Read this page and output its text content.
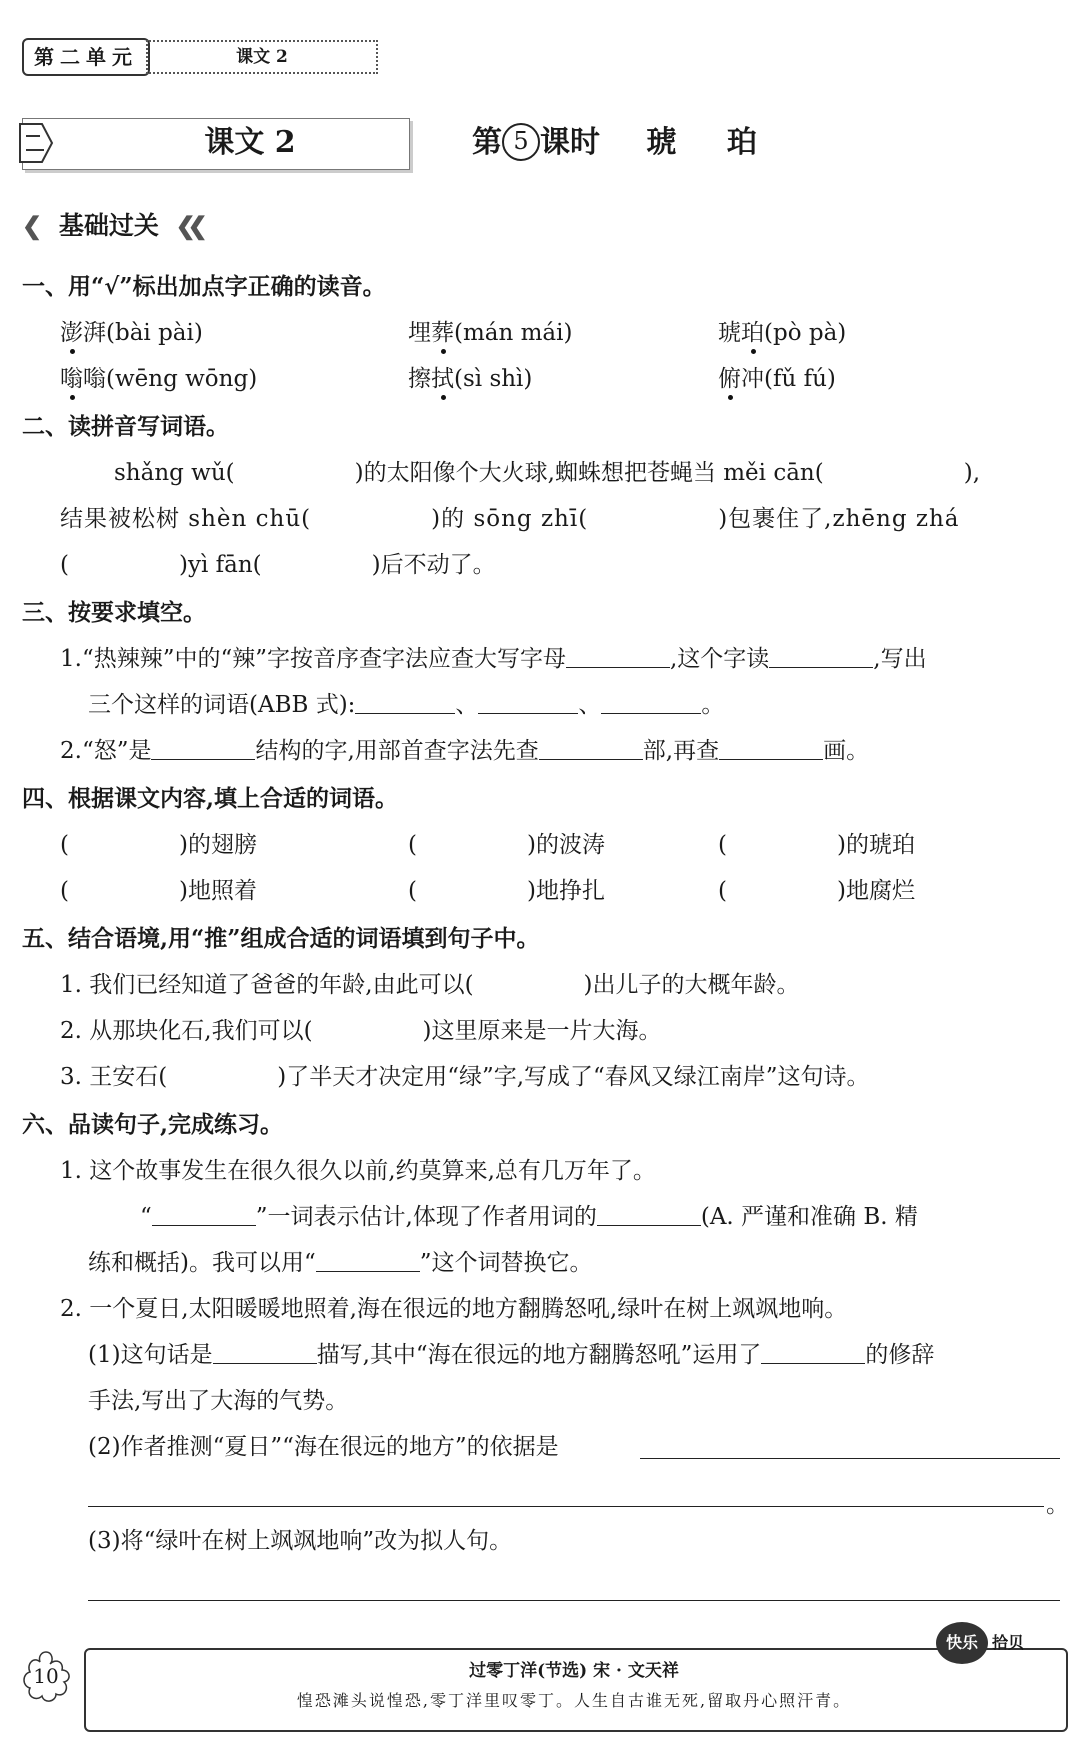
第二单元	课文 2
课文 2	第 5 课时 琥 珀
❮ 基础过关 ❮❮
一、用“√”标出加点字正确的读音。
澎湃(bài pài)	埋葬(mán mái)	琥珀(pò pà)
嗡嗡(wēng wōng)	擦拭(sì shì)	俯冲(fǔ fú)
二、读拼音写词语。
shǎng wǔ(	)的太阳像个大火球,蜘蛛想把苍蝇当 měi cān(	),
结果被松树 shèn chū(	)的 sōng zhī(	)包裹住了,zhēng zhá
(	)yì fān(	)后不动了。
三、按要求填空。
1.“热辣辣”中的“辣”字按音序查字法应查大写字母	,这个字读	,写出
三个这样的词语(ABB 式):	、	、	。
2.“怒”是	结构的字,用部首查字法先查	部,再查	画。
四、根据课文内容,填上合适的词语。
(	)的翅膀	(	)的波涛	(	)的琥珀
(	)地照着	(	)地挣扎	(	)地腐烂
五、结合语境,用“推”组成合适的词语填到句子中。
1. 我们已经知道了爸爸的年龄,由此可以(	)出儿子的大概年龄。
2. 从那块化石,我们可以(	)这里原来是一片大海。
3. 王安石(	)了半天才决定用“绿”字,写成了“春风又绿江南岸”这句诗。
六、品读句子,完成练习。
1. 这个故事发生在很久很久以前,约莫算来,总有几万年了。
“	”一词表示估计,体现了作者用词的	(A. 严谨和准确 B. 精
练和概括)。我可以用“	”这个词替换它。
2. 一个夏日,太阳暖暖地照着,海在很远的地方翻腾怒吼,绿叶在树上飒飒地响。
(1)这句话是	描写,其中“海在很远的地方翻腾怒吼”运用了	的修辞
手法,写出了大海的气势。
(2)作者推测“夏日”“海在很远的地方”的依据是
。
(3)将“绿叶在树上飒飒地响”改为拟人句。
10	过零丁洋(节选) 宋 · 文天祥
惶恐滩头说惶恐,零丁洋里叹零丁。人生自古谁无死,留取丹心照汗青。
快乐 拾贝
